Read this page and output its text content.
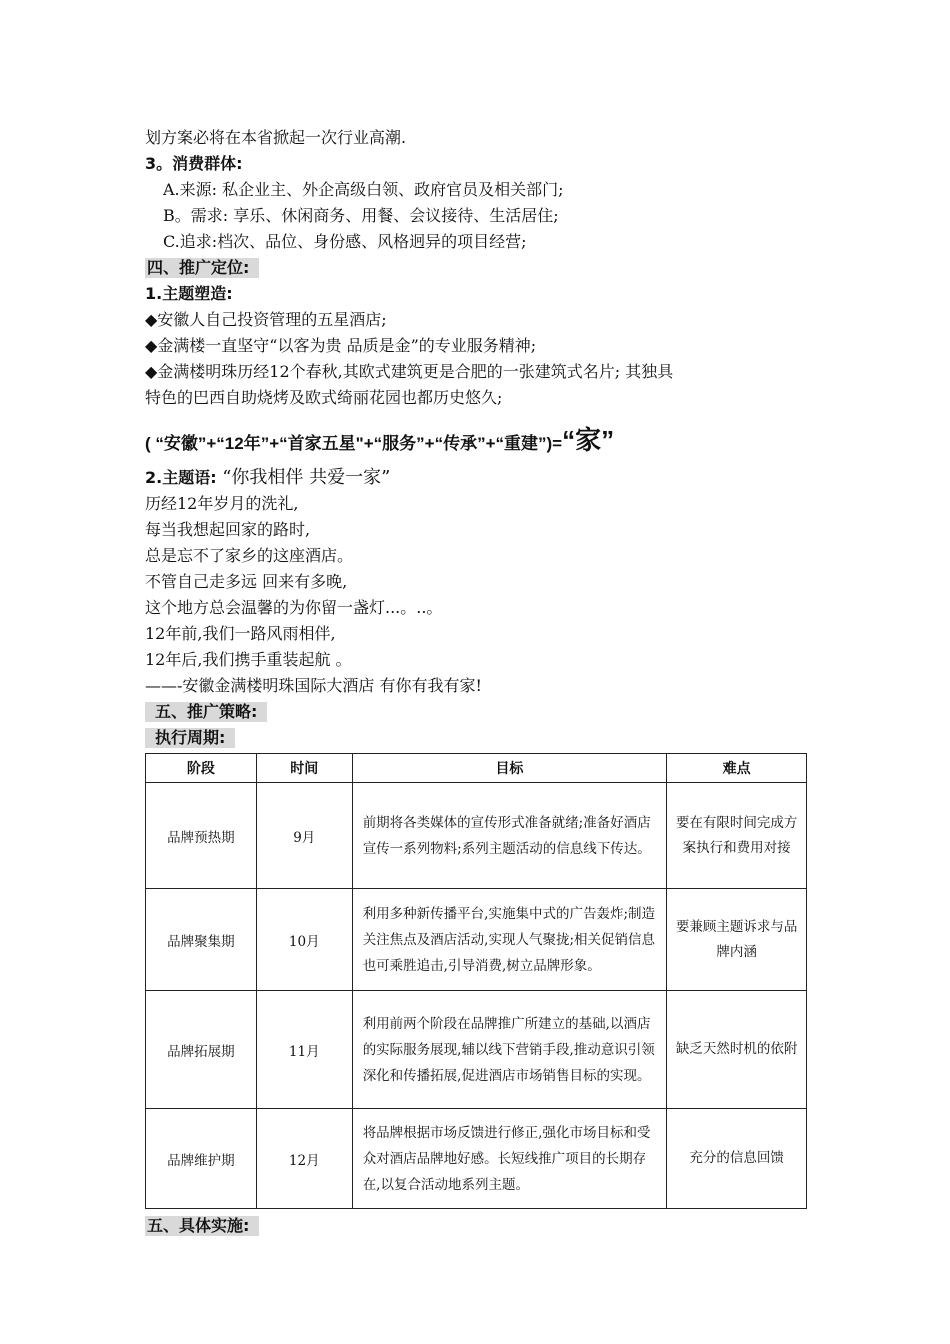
划方案必将在本省掀起一次行业高潮.
3。消费群体:
A.来源: 私企业主、外企高级白领、政府官员及相关部门;
B。需求: 享乐、休闲商务、用餐、会议接待、生活居住;
C.追求:档次、品位、身份感、风格迥异的项目经营;
四、推广定位:
1.主题塑造:
◆安徽人自己投资管理的五星酒店;
◆金满楼一直坚守“以客为贵 品质是金”的专业服务精神;
◆金满楼明珠历经12个春秋,其欧式建筑更是合肥的一张建筑式名片; 其独具
特色的巴西自助烧烤及欧式绮丽花园也都历史悠久;
( “安徽”+“12年”+“首家五星"+“服务”+“传承”+“重建”)=“家”
2.主题语: “你我相伴 共爱一家”
历经12年岁月的洗礼,
每当我想起回家的路时,
总是忘不了家乡的这座酒店。
不管自己走多远 回来有多晚,
这个地方总会温馨的为你留一盏灯...。..。
12年前,我们一路风雨相伴,
12年后,我们携手重装起航 。
——-安徽金满楼明珠国际大酒店 有你有我有家!
五、推广策略:
执行周期:
阶段	时间	目标	难点
品牌预热期	9月	前期将各类媒体的宣传形式准备就绪;准备好酒店宣传一系列物料;系列主题活动的信息线下传达。	要在有限时间完成方案执行和费用对接
品牌聚集期	10月	利用多种新传播平台,实施集中式的广告轰炸;制造关注焦点及酒店活动,实现人气聚拢;相关促销信息也可乘胜追击,引导消费,树立品牌形象。	要兼顾主题诉求与品牌内涵
品牌拓展期	11月	利用前两个阶段在品牌推广所建立的基础,以酒店的实际服务展现,辅以线下营销手段,推动意识引领深化和传播拓展,促进酒店市场销售目标的实现。	缺乏天然时机的依附
品牌维护期	12月	将品牌根据市场反馈进行修正,强化市场目标和受众对酒店品牌地好感。长短线推广项目的长期存在,以复合活动地系列主题。	充分的信息回馈
五、具体实施:
